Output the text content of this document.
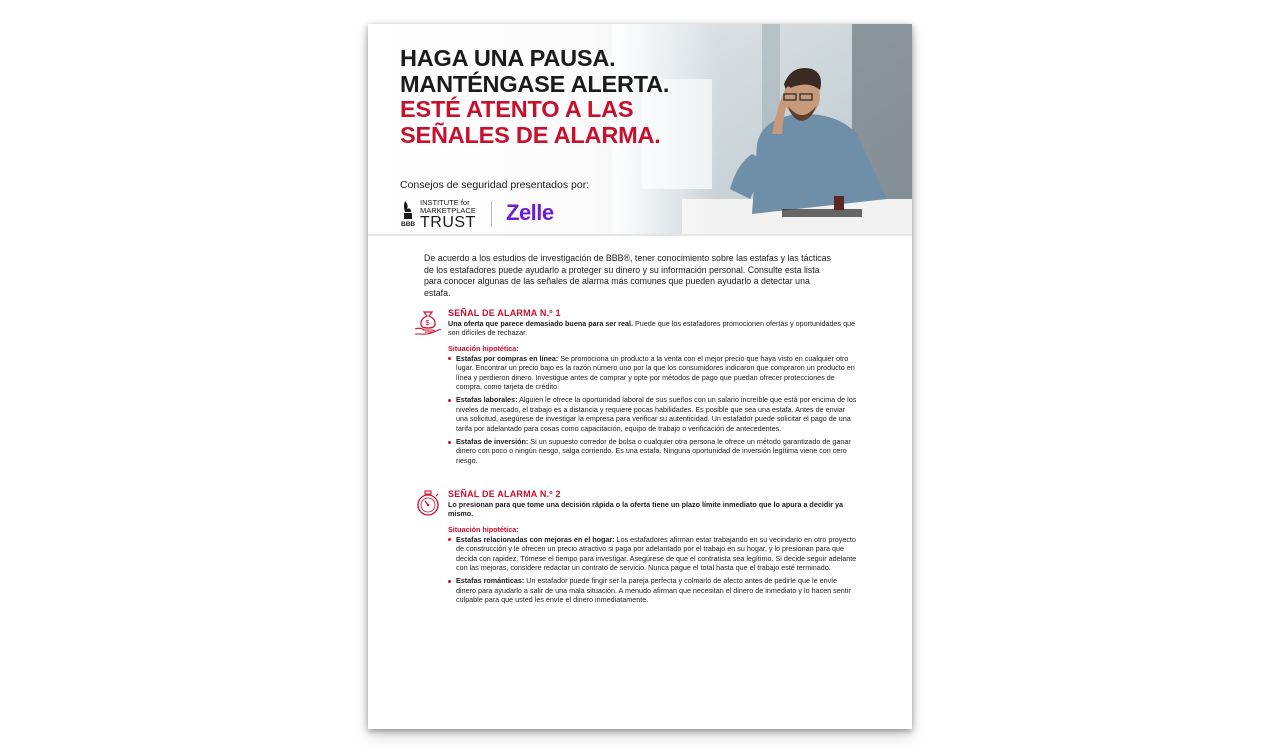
HAGA UNA PAUSA.
MANTÉNGASE ALERTA.
ESTÉ ATENTO A LAS
SEÑALES DE ALARMA.
Consejos de seguridad presentados por:
BBB
INSTITUTE for
MARKETPLACE
TRUST Zelle

De acuerdo a los estudios de investigación de BBB®, tener conocimiento sobre las estafas y las tácticas de los estafadores puede ayudarlo a proteger su dinero y su información personal. Consulte esta lista para conocer algunas de las señales de alarma más comunes que pueden ayudarlo a detectar una estafa.

$
SEÑAL DE ALARMA N.º 1

Una oferta que parece demasiado buena para ser real. Puede que los estafadores promocionen ofertas y oportunidades que son difíciles de rechazar.

Situación hipotética:

Estafas por compras en línea: Se promociona un producto a la venta con el mejor precio que haya visto en cualquier otro lugar. Encontrar un precio bajo es la razón número uno por la que los consumidores indicaron que compraron un producto en línea y perdieron dinero. Investigue antes de comprar y opte por métodos de pago que puedan ofrecer protecciones de compra, como tarjeta de crédito.
Estafas laborales: Alguien le ofrece la oportunidad laboral de sus sueños con un salario increíble que está por encima de los niveles de mercado, el trabajo es a distancia y requiere pocas habilidades. Es posible que sea una estafa. Antes de enviar una solicitud, asegúrese de investigar la empresa para verificar su autenticidad. Un estafador puede solicitar el pago de una tarifa por adelantado para cosas como capacitación, equipo de trabajo o verificación de antecedentes.
Estafas de inversión: Si un supuesto corredor de bolsa o cualquier otra persona le ofrece un método garantizado de ganar dinero con poco o ningún riesgo, salga corriendo. Es una estafa. Ninguna oportunidad de inversión legítima viene con cero riesgo.
SEÑAL DE ALARMA N.º 2

Lo presionan para que tome una decisión rápida o la oferta tiene un plazo límite inmediato que lo apura a decidir ya mismo.

Situación hipotética:

Estafas relacionadas con mejoras en el hogar: Los estafadores afirman estar trabajando en su vecindario en otro proyecto de construcción y le ofrecen un precio atractivo si paga por adelantado por el trabajo en su hogar, y lo presionan para que decida con rapidez. Tómese el tiempo para investigar. Asegúrese de que el contratista sea legítimo. Si decide seguir adelante con las mejoras, considere redactar un contrato de servicio. Nunca pague el total hasta que el trabajo esté terminado.
Estafas románticas: Un estafador puede fingir ser la pareja perfecta y colmarlo de afecto antes de pedirle que le envíe dinero para ayudarlo a salir de una mala situación. A menudo afirman que necesitan el dinero de inmediato y lo hacen sentir culpable para que usted les envíe el dinero inmediatamente.
